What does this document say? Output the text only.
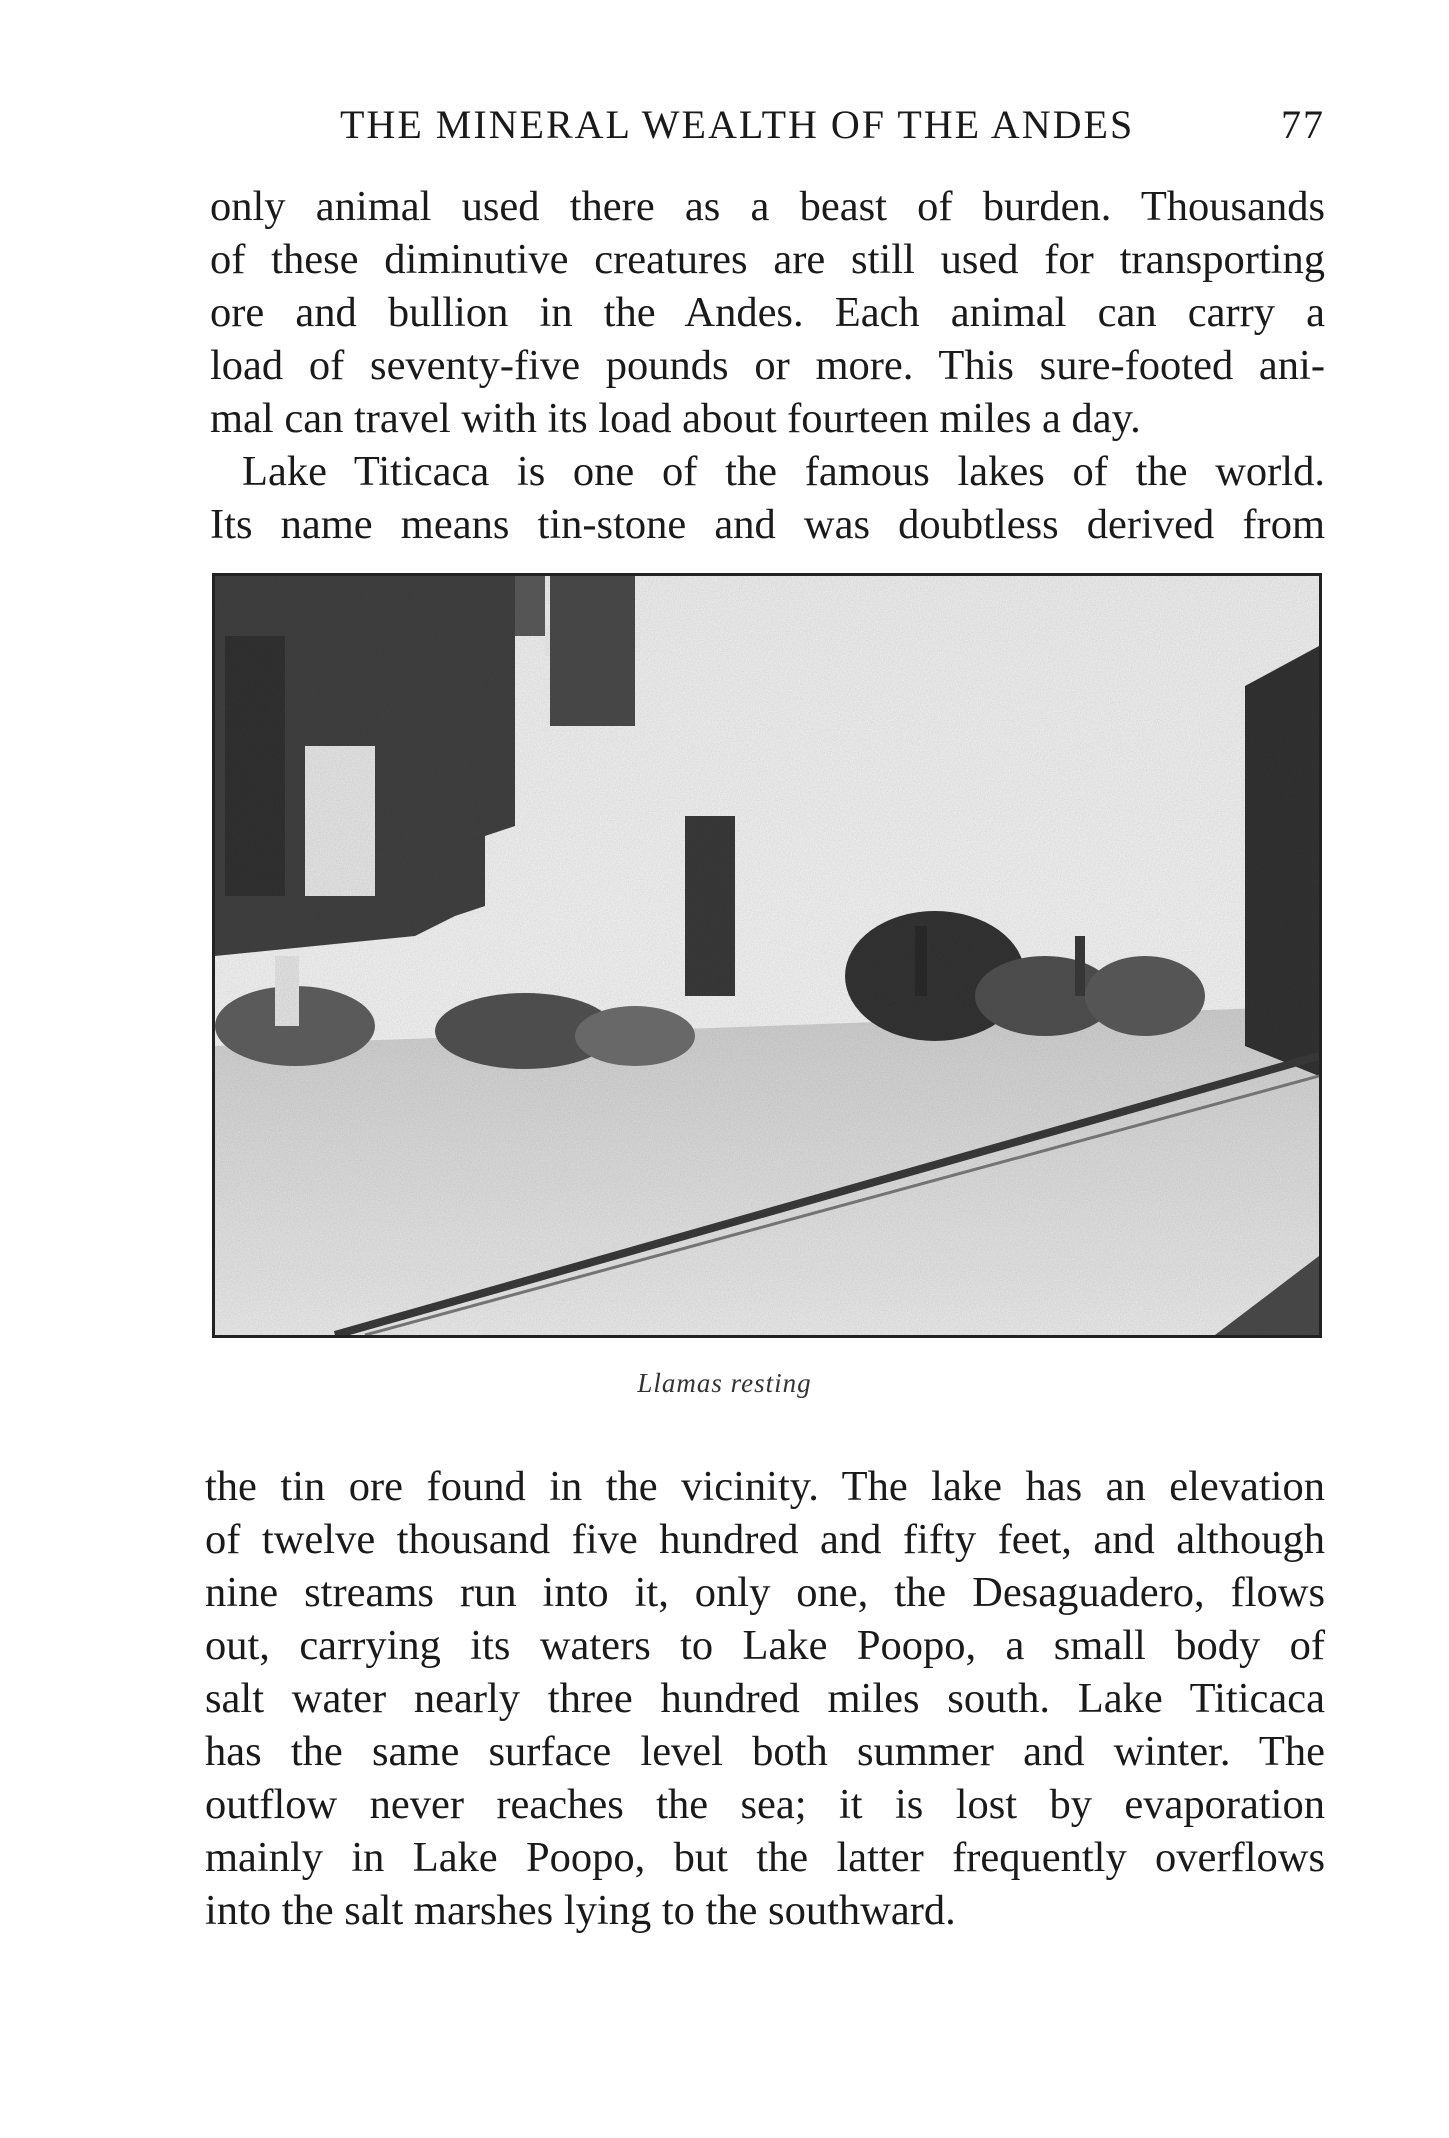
THE MINERAL WEALTH OF THE ANDES	77
only animal used there as a beast of burden. Thousands
of these diminutive creatures are still used for transporting
ore and bullion in the Andes. Each animal can carry a
load of seventy-five pounds or more. This sure-footed ani-
mal can travel with its load about fourteen miles a day.
Lake Titicaca is one of the famous lakes of the world.
Its name means tin-stone and was doubtless derived from
Llamas resting
the tin ore found in the vicinity. The lake has an elevation
of twelve thousand five hundred and fifty feet, and although
nine streams run into it, only one, the Desaguadero, flows
out, carrying its waters to Lake Poopo, a small body of
salt water nearly three hundred miles south. Lake Titicaca
has the same surface level both summer and winter. The
outflow never reaches the sea; it is lost by evaporation
mainly in Lake Poopo, but the latter frequently overflows
into the salt marshes lying to the southward.
